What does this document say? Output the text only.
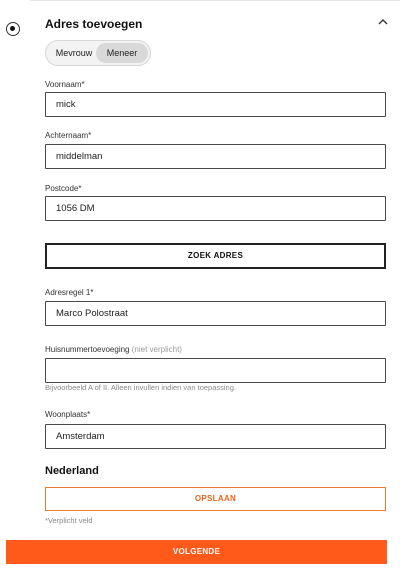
Adres toevoegen
Mevrouw	Meneer
Voornaam*
mick
Achternaam*
middelman
Postcode*
1056 DM
ZOEK ADRES
Adresregel 1*
Marco Polostraat
Huisnummertoevoeging (niet verplicht)
Bijvoorbeeld A of II. Alleen invullen indien van toepassing.
Woonplaats*
Amsterdam
Nederland
OPSLAAN
*Verplicht veld
VOLGENDE
